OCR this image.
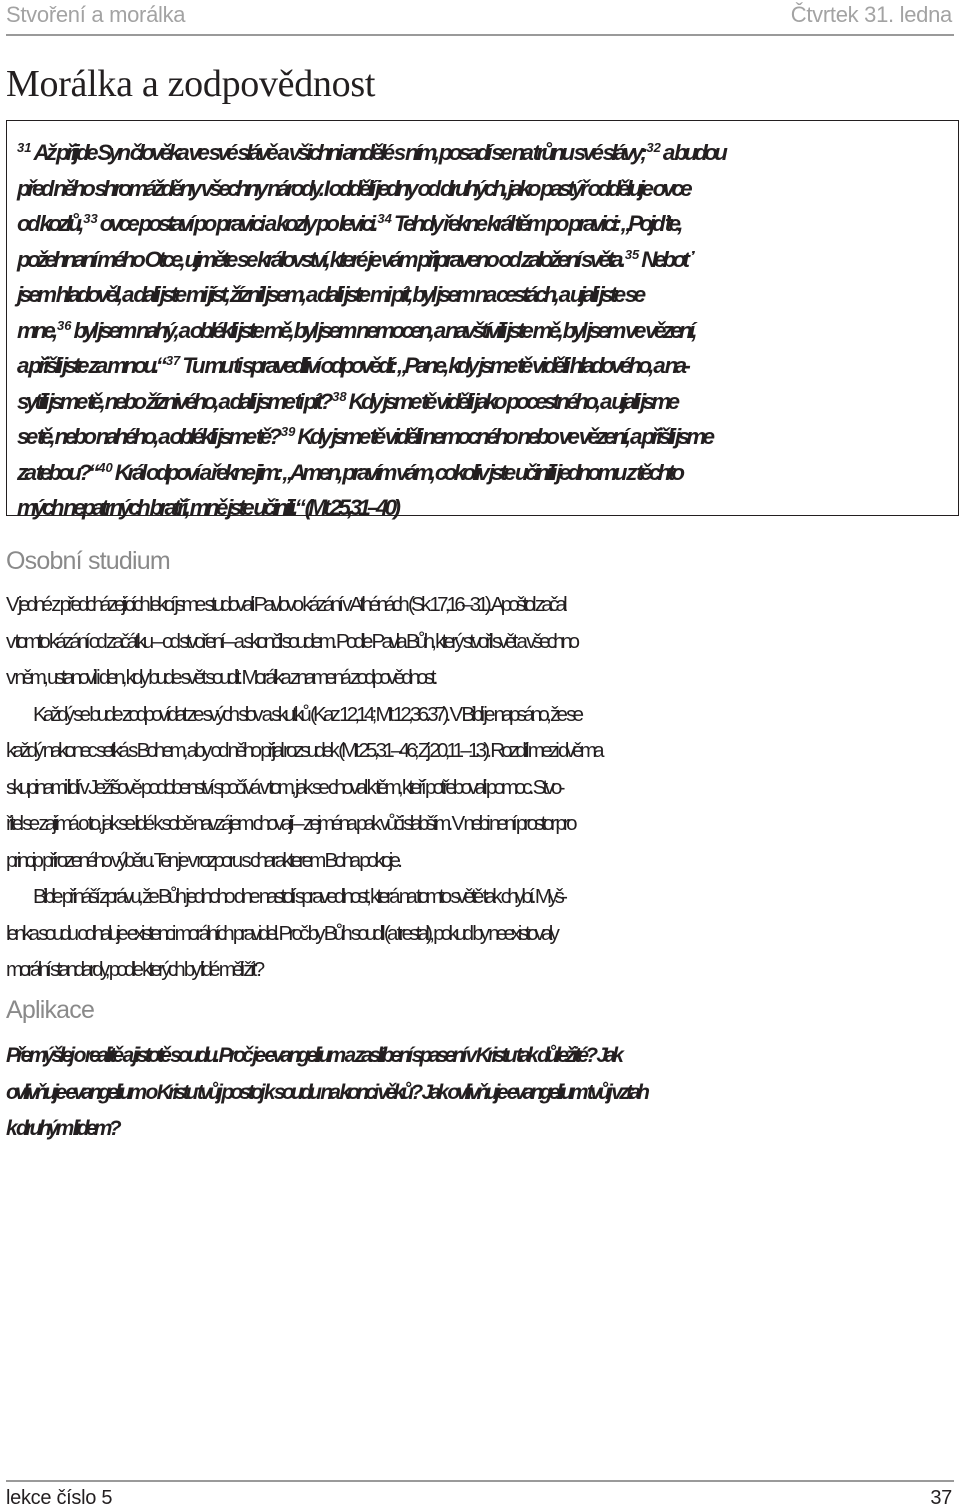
Stvoření a morálka	Čtvrtek 31. ledna
Morálka a zodpovědnost
$^{31}$Až přijde Syn člověka ve své slávě a všichni andělé s ním, posadí se na trůnu své slávy; $^{32}$a budou
před něho shromážděny všechny národy. I oddělí jedny od druhých, jako pastýř odděluje ovce
od kozlů, $^{33}$ovce postaví po pravici a kozly po levici. $^{34}$Tehdy řekne král těm po pravici: „Pojďte,
požehnaní mého Otce, ujměte se království, které je vám připraveno od založení světa. $^{35}$Neboť
jsem hladověl, a dali jste mi jíst, žíznil jsem, a dali jste mi pít, byl jsem na cestách, a ujali jste se
mne, $^{36}$byl jsem nahý, a oblékli jste mě, byl jsem nemocen, a navštívili jste mě, byl jsem ve vězení,
a přišli jste za mnou.“ $^{37}$Tu mu ti spravedliví odpovědí: „Pane, kdy jsme tě viděli hladového, a na-
sytili jsme tě, nebo žíznivého, a dali jsme ti pít? $^{38}$Kdy jsme tě viděli jako pocestného, a ujali jsme
se tě, nebo nahého, a oblékli jsme tě? $^{39}$Kdy jsme tě viděli nemocného nebo ve vězení, a přišli jsme
za tebou?“ $^{40}$Král odpoví a řekne jim: „Amen, pravím vám, cokoliv jste učinili jednomu z těchto
mých nepatrných bratří, mně jste učinili.“ (Mt 25,31–40)
Osobní studium
V jedné z předcházejících lekcí jsme studovali Pavlovo kázání v Athénách (Sk 17,16–31). Apoštol začal
v tomto kázání od začátku – od stvoření – a skončil soudem. Podle Pavla Bůh, který stvořil svět a všechno
v něm, ustanovil i den, kdy bude svět soudit. Morálka znamená zodpovědnost.
Každý se bude zodpovídat ze svých slov a skutků (Kaz 12,14; Mt 12,36.37). V Bibli je napsáno, že se
každý nakonec setká s Bohem, aby od něho přijal rozsudek (Mt 25,31–46; Zj 20,11–13). Rozdíl mezi dvěma
skupinami lidí v Ježíšově podobenství spočívá v tom, jak se choval k těm, kteří potřebovali pomoc. Stvo-
řitel se zajímá o to, jak se lidé k sobě navzájem chovají – zejména pak vůči slabším. V nebi není prostor pro
princip přirozeného výběru. Ten je v rozporu s charakterem Boha pokoje.
Bible přináší zprávu, že Bůh jednoho dne nastolí spravedlnost, která na tomto světě tak chybí. Myš-
lenka soudu odhaluje existenci morálních pravidel. Proč by Bůh soudil (a trestal), pokud by neexistovaly
morální standardy, podle kterých by lidé měli žít?
Aplikace
Přemýšlej o realitě a jistotě soudu. Proč je evangelium a zaslíbení spasení v Kristu tak důležité? Jak
ovlivňuje evangelium o Kristu tvůj postoj k soudu na konci věků? Jak ovlivňuje evangelium tvůj vztah
k druhým lidem?
lekce číslo 5	37
